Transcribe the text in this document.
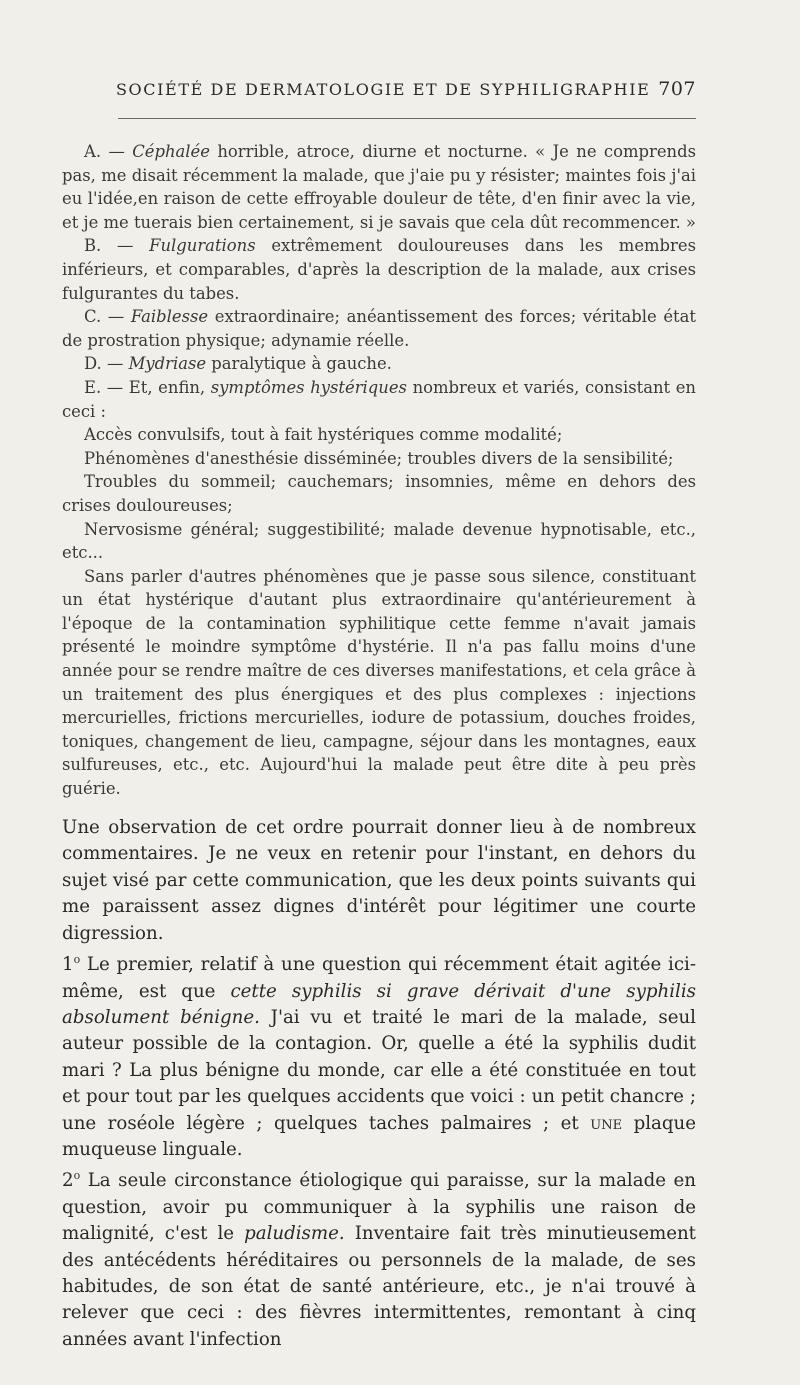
SOCIÉTÉ DE DERMATOLOGIE ET DE SYPHILIGRAPHIE 707

A. — Céphalée horrible, atroce, diurne et nocturne. « Je ne comprends pas, me disait récemment la malade, que j'aie pu y résister; maintes fois j'ai eu l'idée,en raison de cette effroyable douleur de tête, d'en finir avec la vie, et je me tuerais bien certainement, si je savais que cela dût recommencer. »

B. — Fulgurations extrêmement douloureuses dans les membres inférieurs, et comparables, d'après la description de la malade, aux crises fulgurantes du tabes.

C. — Faiblesse extraordinaire; anéantissement des forces; véritable état de prostration physique; adynamie réelle.

D. — Mydriase paralytique à gauche.

E. — Et, enfin, symptômes hystériques nombreux et variés, consistant en ceci :

Accès convulsifs, tout à fait hystériques comme modalité;

Phénomènes d'anesthésie disséminée; troubles divers de la sensibilité;

Troubles du sommeil; cauchemars; insomnies, même en dehors des crises douloureuses;

Nervosisme général; suggestibilité; malade devenue hypnotisable, etc., etc...

Sans parler d'autres phénomènes que je passe sous silence, constituant un état hystérique d'autant plus extraordinaire qu'antérieurement à l'époque de la contamination syphilitique cette femme n'avait jamais présenté le moindre symptôme d'hystérie. Il n'a pas fallu moins d'une année pour se rendre maître de ces diverses manifestations, et cela grâce à un traitement des plus énergiques et des plus complexes : injections mercurielles, frictions mercurielles, iodure de potassium, douches froides, toniques, changement de lieu, campagne, séjour dans les montagnes, eaux sulfureuses, etc., etc. Aujourd'hui la malade peut être dite à peu près guérie.

Une observation de cet ordre pourrait donner lieu à de nombreux commentaires. Je ne veux en retenir pour l'instant, en dehors du sujet visé par cette communication, que les deux points suivants qui me paraissent assez dignes d'intérêt pour légitimer une courte digression.

1$^o$ Le premier, relatif à une question qui récemment était agitée ici-même, est que cette syphilis si grave dérivait d'une syphilis absolument bénigne. J'ai vu et traité le mari de la malade, seul auteur possible de la contagion. Or, quelle a été la syphilis dudit mari ? La plus bénigne du monde, car elle a été constituée en tout et pour tout par les quelques accidents que voici : un petit chancre ; une roséole légère ; quelques taches palmaires ; et une plaque muqueuse linguale.

2$^o$ La seule circonstance étiologique qui paraisse, sur la malade en question, avoir pu communiquer à la syphilis une raison de malignité, c'est le paludisme. Inventaire fait très minutieusement des antécédents héréditaires ou personnels de la malade, de ses habitudes, de son état de santé antérieure, etc., je n'ai trouvé à relever que ceci : des fièvres intermittentes, remontant à cinq années avant l'infection
